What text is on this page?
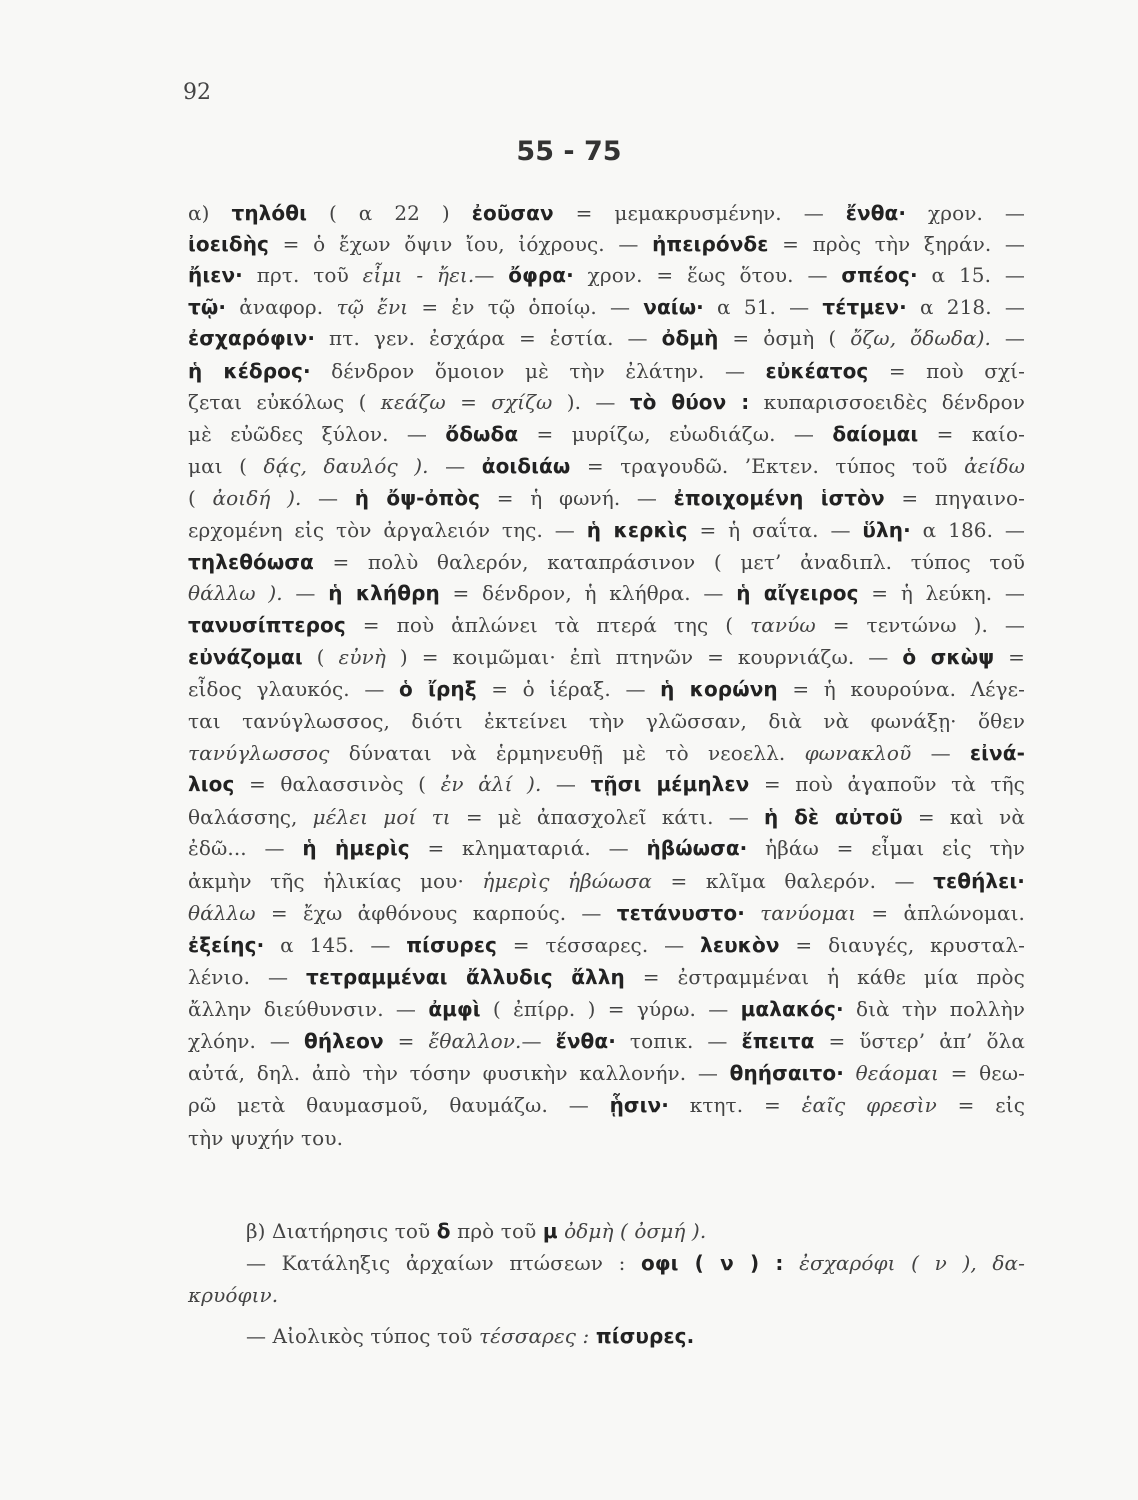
92
55 - 75
α) τηλόθι ( α 22 ) ἐοῦσαν = μεμακρυσμένην. — ἔνθα· χρον. —
ἰοειδὴς = ὁ ἔχων ὄψιν ἴου, ἰόχρους. — ἠπειρόνδε = πρὸς τὴν ξηράν. —
ἤιεν· πρτ. τοῦ εἶμι - ἤει.— ὄφρα· χρον. = ἕως ὅτου. — σπέος· α 15. —
τῷ· ἀναφορ. τῷ ἔνι = ἐν τῷ ὁποίῳ. — ναίω· α 51. — τέτμεν· α 218. —
ἐσχαρόφιν· πτ. γεν. ἐσχάρα = ἑστία. — ὀδμὴ = ὀσμὴ ( ὄζω, ὄδωδα). —
ἡ κέδρος· δένδρον ὅμοιον μὲ τὴν ἐλάτην. — εὐκέατος = ποὺ σχί-
ζεται εὐκόλως ( κεάζω = σχίζω ). — τὸ θύον : κυπαρισσοειδὲς δένδρον
μὲ εὐῶδες ξύλον. — ὄδωδα = μυρίζω, εὐωδιάζω. — δαίομαι = καίο-
μαι ( δᾴς, δαυλός ). — ἀοιδιάω = τραγουδῶ. ’Εκτεν. τύπος τοῦ ἀείδω
( ἀοιδή ). — ἡ ὄψ-ὀπὸς = ἡ φωνή. — ἐποιχομένη ἱστὸν = πηγαινο-
ερχομένη εἰς τὸν ἀργαλειόν της. — ἡ κερκὶς = ἡ σαΐτα. — ὕλη· α 186. —
τηλεθόωσα = πολὺ θαλερόν, καταπράσινον ( μετ’ ἀναδιπλ. τύπος τοῦ
θάλλω ). — ἡ κλήθρη = δένδρον, ἡ κλήθρα. — ἡ αἴγειρος = ἡ λεύκη. —
τανυσίπτερος = ποὺ ἁπλώνει τὰ πτερά της ( τανύω = τεντώνω ). —
εὐνάζομαι ( εὐνὴ ) = κοιμῶμαι· ἐπὶ πτηνῶν = κουρνιάζω. — ὁ σκὼψ =
εἶδος γλαυκός. — ὁ ἴρηξ = ὁ ἱέραξ. — ἡ κορώνη = ἡ κουρούνα. Λέγε-
ται τανύγλωσσος, διότι ἐκτείνει τὴν γλῶσσαν, διὰ νὰ φωνάξῃ· ὅθεν
τανύγλωσσος δύναται νὰ ἑρμηνευθῇ μὲ τὸ νεοελλ. φωνακλοῦ — εἰνά-
λιος = θαλασσινὸς ( ἐν ἁλί ). — τῇσι μέμηλεν = ποὺ ἀγαποῦν τὰ τῆς
θαλάσσης, μέλει μοί τι = μὲ ἀπασχολεῖ κάτι. — ἡ δὲ αὐτοῦ = καὶ νὰ
ἐδῶ... — ἡ ἡμερὶς = κληματαριά. — ἡβώωσα· ἡβάω = εἶμαι εἰς τὴν
ἀκμὴν τῆς ἡλικίας μου· ἡμερὶς ἡβώωσα = κλῖμα θαλερόν. — τεθήλει·
θάλλω = ἔχω ἀφθόνους καρπούς. — τετάνυστο· τανύομαι = ἁπλώνομαι.
ἐξείης· α 145. — πίσυρες = τέσσαρες. — λευκὸν = διαυγές, κρυσταλ-
λένιο. — τετραμμέναι ἄλλυδις ἄλλη = ἐστραμμέναι ἡ κάθε μία πρὸς
ἄλλην διεύθυνσιν. — ἀμφὶ ( ἐπίρρ. ) = γύρω. — μαλακός· διὰ τὴν πολλὴν
χλόην. — θήλεον = ἔθαλλον.— ἔνθα· τοπικ. — ἔπειτα = ὕστερ’ ἀπ’ ὅλα
αὐτά, δηλ. ἀπὸ τὴν τόσην φυσικὴν καλλονήν. — θηήσαιτο· θεάομαι = θεω-
ρῶ μετὰ θαυμασμοῦ, θαυμάζω. — ᾗσιν· κτητ. = ἑαῖς φρεσὶν = εἰς
τὴν ψυχήν του.
β) Διατήρησις τοῦ δ πρὸ τοῦ μ ὀδμὴ ( ὀσμή ).
— Κατάληξις ἀρχαίων πτώσεων : οφι ( ν ) : ἐσχαρόφι ( ν ), δα-
κρυόφιν.
— Αἰολικὸς τύπος τοῦ τέσσαρες : πίσυρες.
